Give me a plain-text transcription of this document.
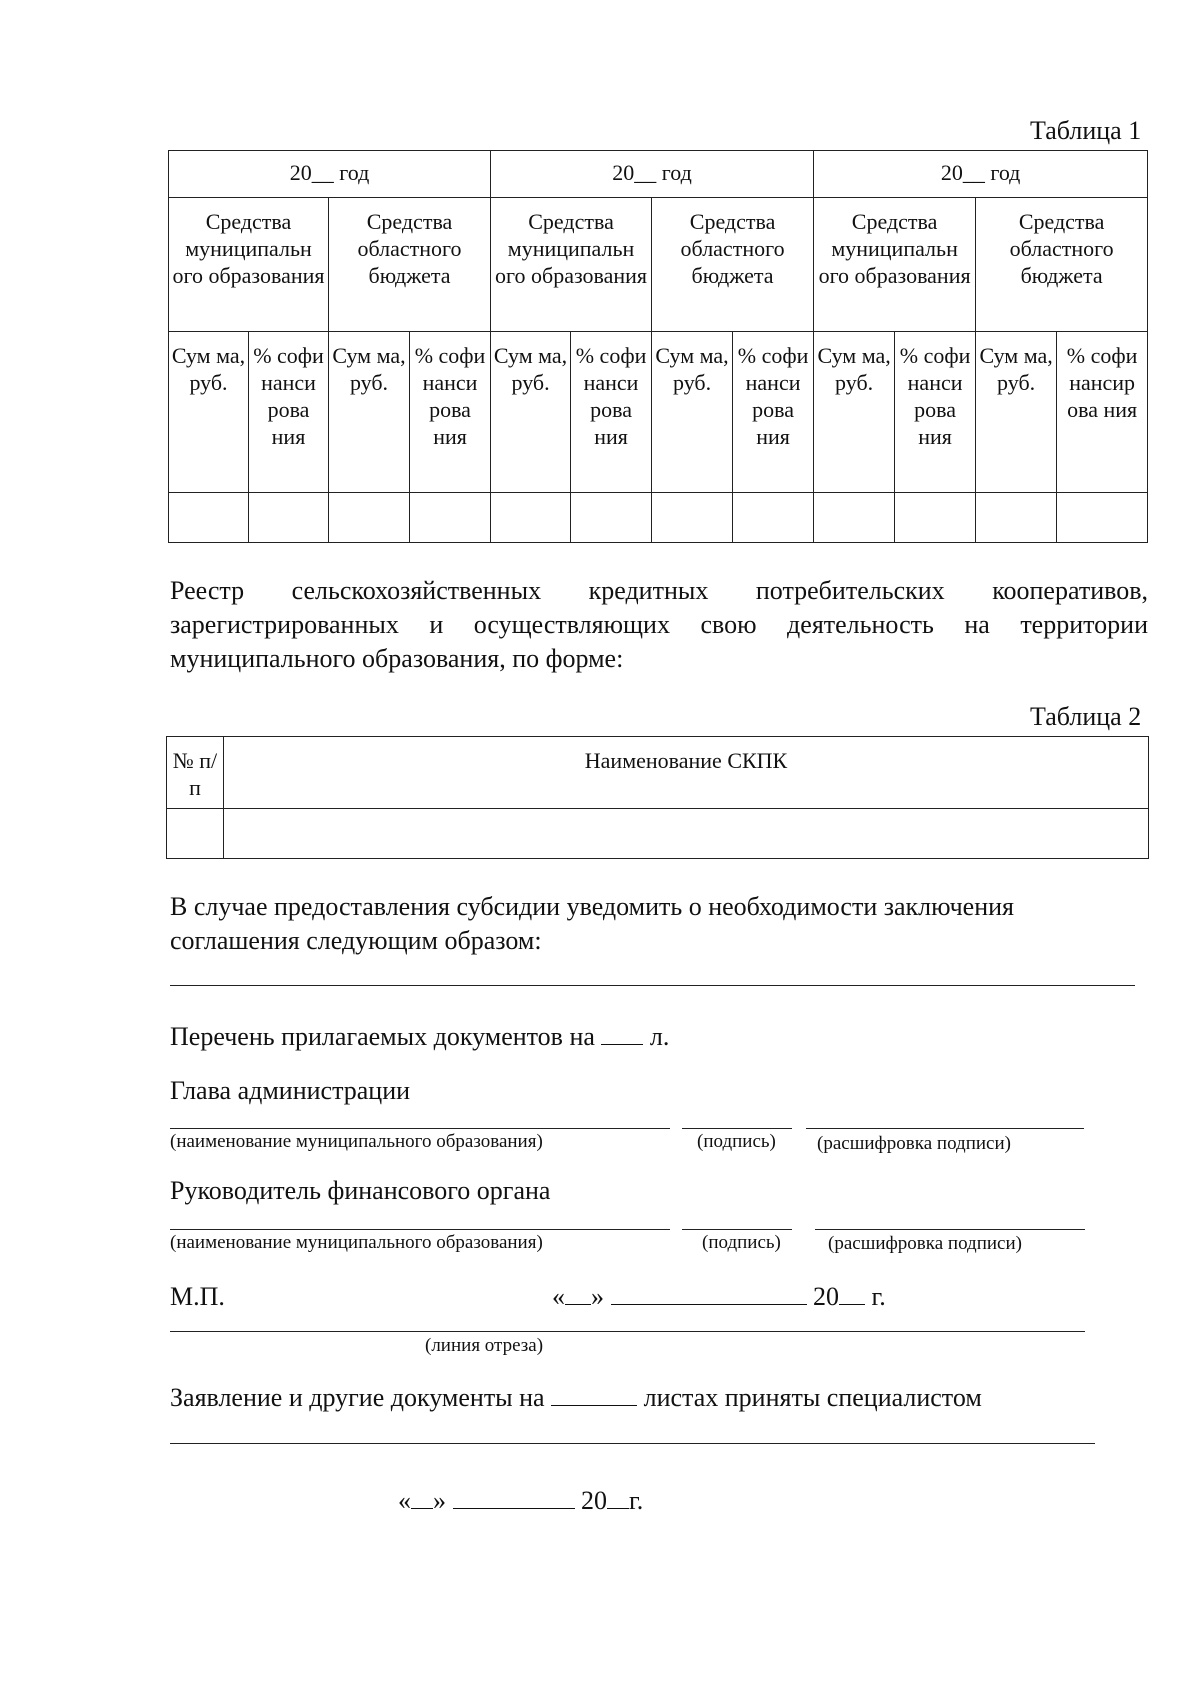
Таблица 1
20__ год				20__ год				20__ год			
Средства муниципальн ого образования		Средства областного бюджета		Средства муниципальн ого образования		Средства областного бюджета		Средства муниципальн ого образования		Средства областного бюджета	
Сум ма, руб.	% софи нанси рова ния	Сум ма, руб.	% софи нанси рова ния	Сум ма, руб.	% софи нанси рова ния	Сум ма, руб.	% софи нанси рова ния	Сум ма, руб.	% софи нанси рова ния	Сум ма, руб.	% софи нансир ова ния

Реестр сельскохозяйственных кредитных потребительских кооперативов, зарегистрированных и осуществляющих свою деятельность на территории муниципального образования, по форме:
Таблица 2
№ п/п	Наименование СКПК

В случае предоставления субсидии уведомить о необходимости заключения соглашения следующим образом:
Перечень прилагаемых документов на л.
Глава администрации
(наименование муниципального образования)	(подпись) (расшифровка подписи)
Руководитель финансового органа
(наименование муниципального образования)	(подпись) (расшифровка подписи)
М.П.	« »	20 г.
(линия отреза)
Заявление и другие документы на	листах приняты специалистом
« »	20 г.
